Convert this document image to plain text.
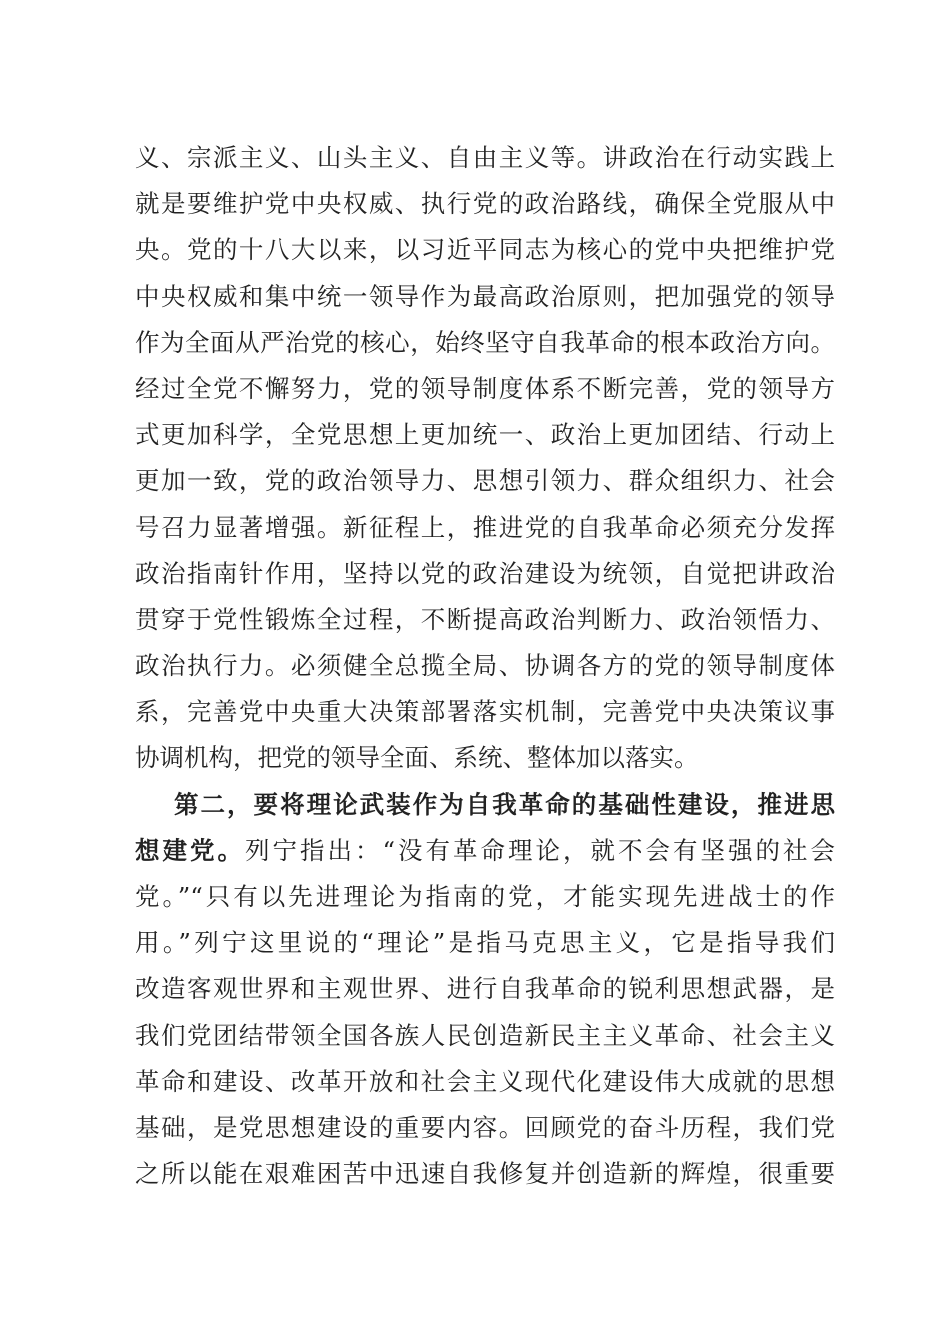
义、宗派主义、山头主义、自由主义等。讲政治在行动实践上
就是要维护党中央权威、执行党的政治路线，确保全党服从中
央。党的十八大以来，以习近平同志为核心的党中央把维护党
中央权威和集中统一领导作为最高政治原则，把加强党的领导
作为全面从严治党的核心，始终坚守自我革命的根本政治方向。
经过全党不懈努力，党的领导制度体系不断完善，党的领导方
式更加科学，全党思想上更加统一、政治上更加团结、行动上
更加一致，党的政治领导力、思想引领力、群众组织力、社会
号召力显著增强。新征程上，推进党的自我革命必须充分发挥
政治指南针作用，坚持以党的政治建设为统领，自觉把讲政治
贯穿于党性锻炼全过程，不断提高政治判断力、政治领悟力、
政治执行力。必须健全总揽全局、协调各方的党的领导制度体
系，完善党中央重大决策部署落实机制，完善党中央决策议事
协调机构，把党的领导全面、系统、整体加以落实。
第二，要将理论武装作为自我革命的基础性建设，推进思
想建党。列宁指出：“没有革命理论，就不会有坚强的社会
党。”“只有以先进理论为指南的党，才能实现先进战士的作
用。”列宁这里说的“理论”是指马克思主义，它是指导我们
改造客观世界和主观世界、进行自我革命的锐利思想武器，是
我们党团结带领全国各族人民创造新民主主义革命、社会主义
革命和建设、改革开放和社会主义现代化建设伟大成就的思想
基础，是党思想建设的重要内容。回顾党的奋斗历程，我们党
之所以能在艰难困苦中迅速自我修复并创造新的辉煌，很重要
